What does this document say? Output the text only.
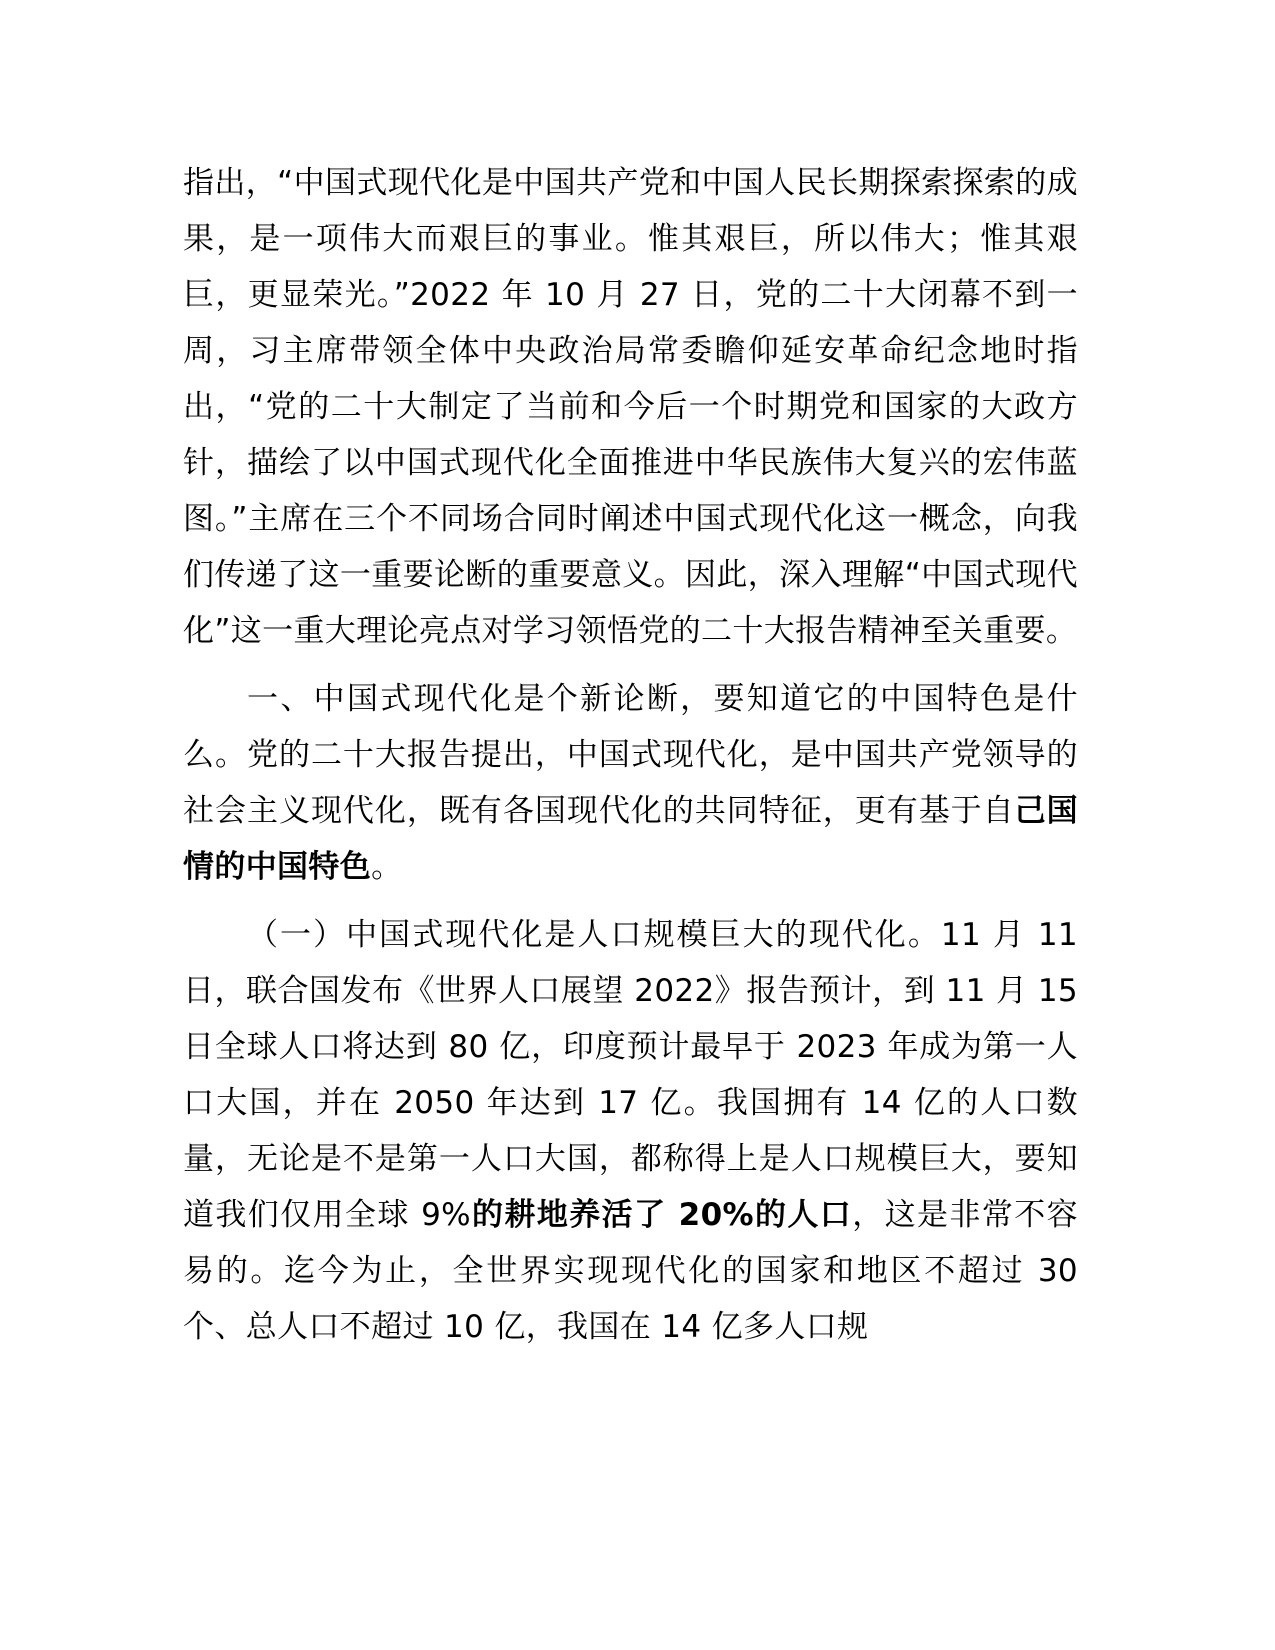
指出，“中国式现代化是中国共产党和中国人民长期探索探索的成果，是一项伟大而艰巨的事业。惟其艰巨，所以伟大；惟其艰巨，更显荣光。”2022 年 10 月 27 日，党的二十大闭幕不到一周，习主席带领全体中央政治局常委瞻仰延安革命纪念地时指出，“党的二十大制定了当前和今后一个时期党和国家的大政方针，描绘了以中国式现代化全面推进中华民族伟大复兴的宏伟蓝图。”主席在三个不同场合同时阐述中国式现代化这一概念，向我们传递了这一重要论断的重要意义。因此，深入理解“中国式现代化”这一重大理论亮点对学习领悟党的二十大报告精神至关重要。

一、中国式现代化是个新论断，要知道它的中国特色是什么。党的二十大报告提出，中国式现代化，是中国共产党领导的社会主义现代化，既有各国现代化的共同特征，更有基于自己国情的中国特色。

（一）中国式现代化是人口规模巨大的现代化。11 月 11 日，联合国发布《世界人口展望 2022》报告预计，到 11 月 15 日全球人口将达到 80 亿，印度预计最早于 2023 年成为第一人口大国，并在 2050 年达到 17 亿。我国拥有 14 亿的人口数量，无论是不是第一人口大国，都称得上是人口规模巨大，要知道我们仅用全球 9%的耕地养活了 20%的人口，这是非常不容易的。迄今为止，全世界实现现代化的国家和地区不超过 30 个、总人口不超过 10 亿，我国在 14 亿多人口规
